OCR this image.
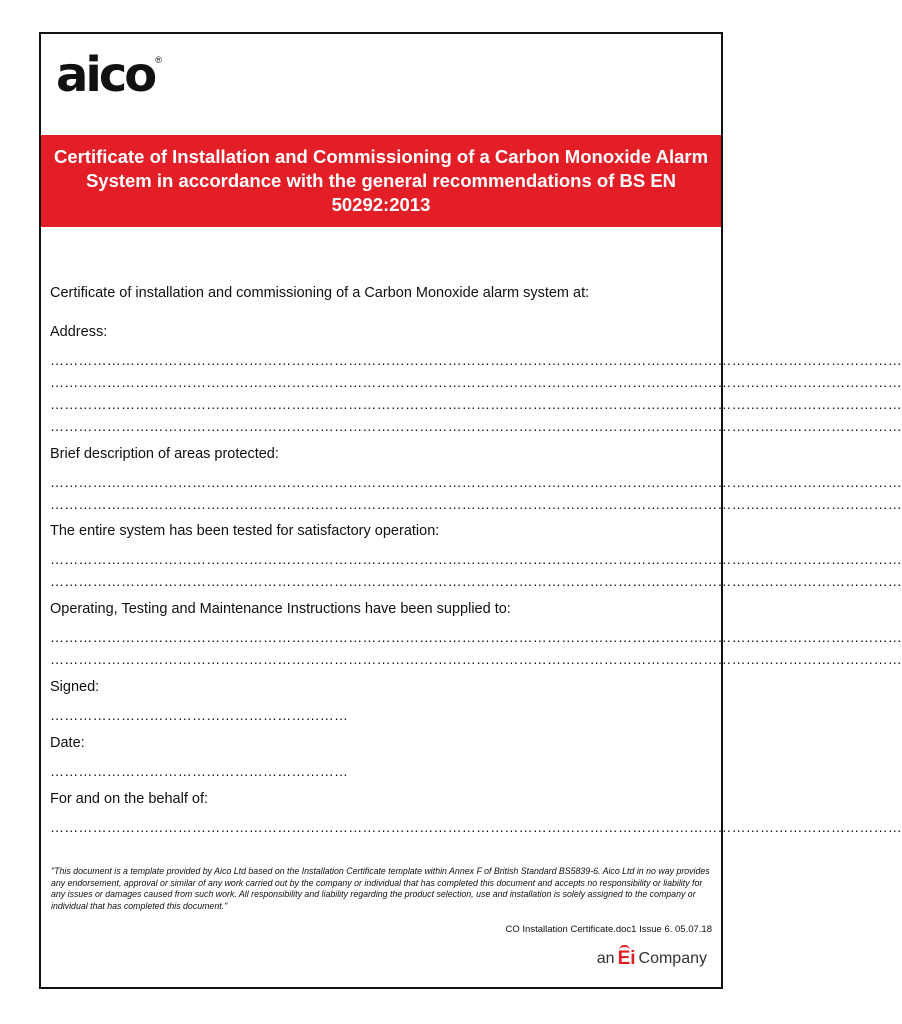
aico ®
Certificate of Installation and Commissioning of a Carbon Monoxide Alarm System in accordance with the general recommendations of BS EN 50292:2013
Certificate of installation and commissioning of a Carbon Monoxide alarm system at:
Address:
………………………………………………………………………………………………………………………………………………………………
………………………………………………………………………………………………………………………………………………………………
………………………………………………………………………………………………………………………………………………………………
………………………………………………………………………………………………………………………………………………………………
Brief description of areas protected:
………………………………………………………………………………………………………………………………………………………………
………………………………………………………………………………………………………………………………………………………………
The entire system has been tested for satisfactory operation:
………………………………………………………………………………………………………………………………………………………………
………………………………………………………………………………………………………………………………………………………………
Operating, Testing and Maintenance Instructions have been supplied to:
………………………………………………………………………………………………………………………………………………………………
………………………………………………………………………………………………………………………………………………………………
Signed:
………………………………………………………
Date:
………………………………………………………
For and on the behalf of:
………………………………………………………………………………………………………………………………………………………………
"This document is a template provided by Aico Ltd based on the Installation Certificate template within Annex F of British Standard BS5839-6. Aico Ltd in no way provides any endorsement, approval or similar of any work carried out by the company or individual that has completed this document and accepts no responsibility or liability for any issues or damages caused from such work. All responsibility and liability regarding the product selection, use and installation is solely assigned to the company or individual that has completed this document."
CO Installation Certificate.doc1 Issue 6. 05.07.18
an Ei Company
